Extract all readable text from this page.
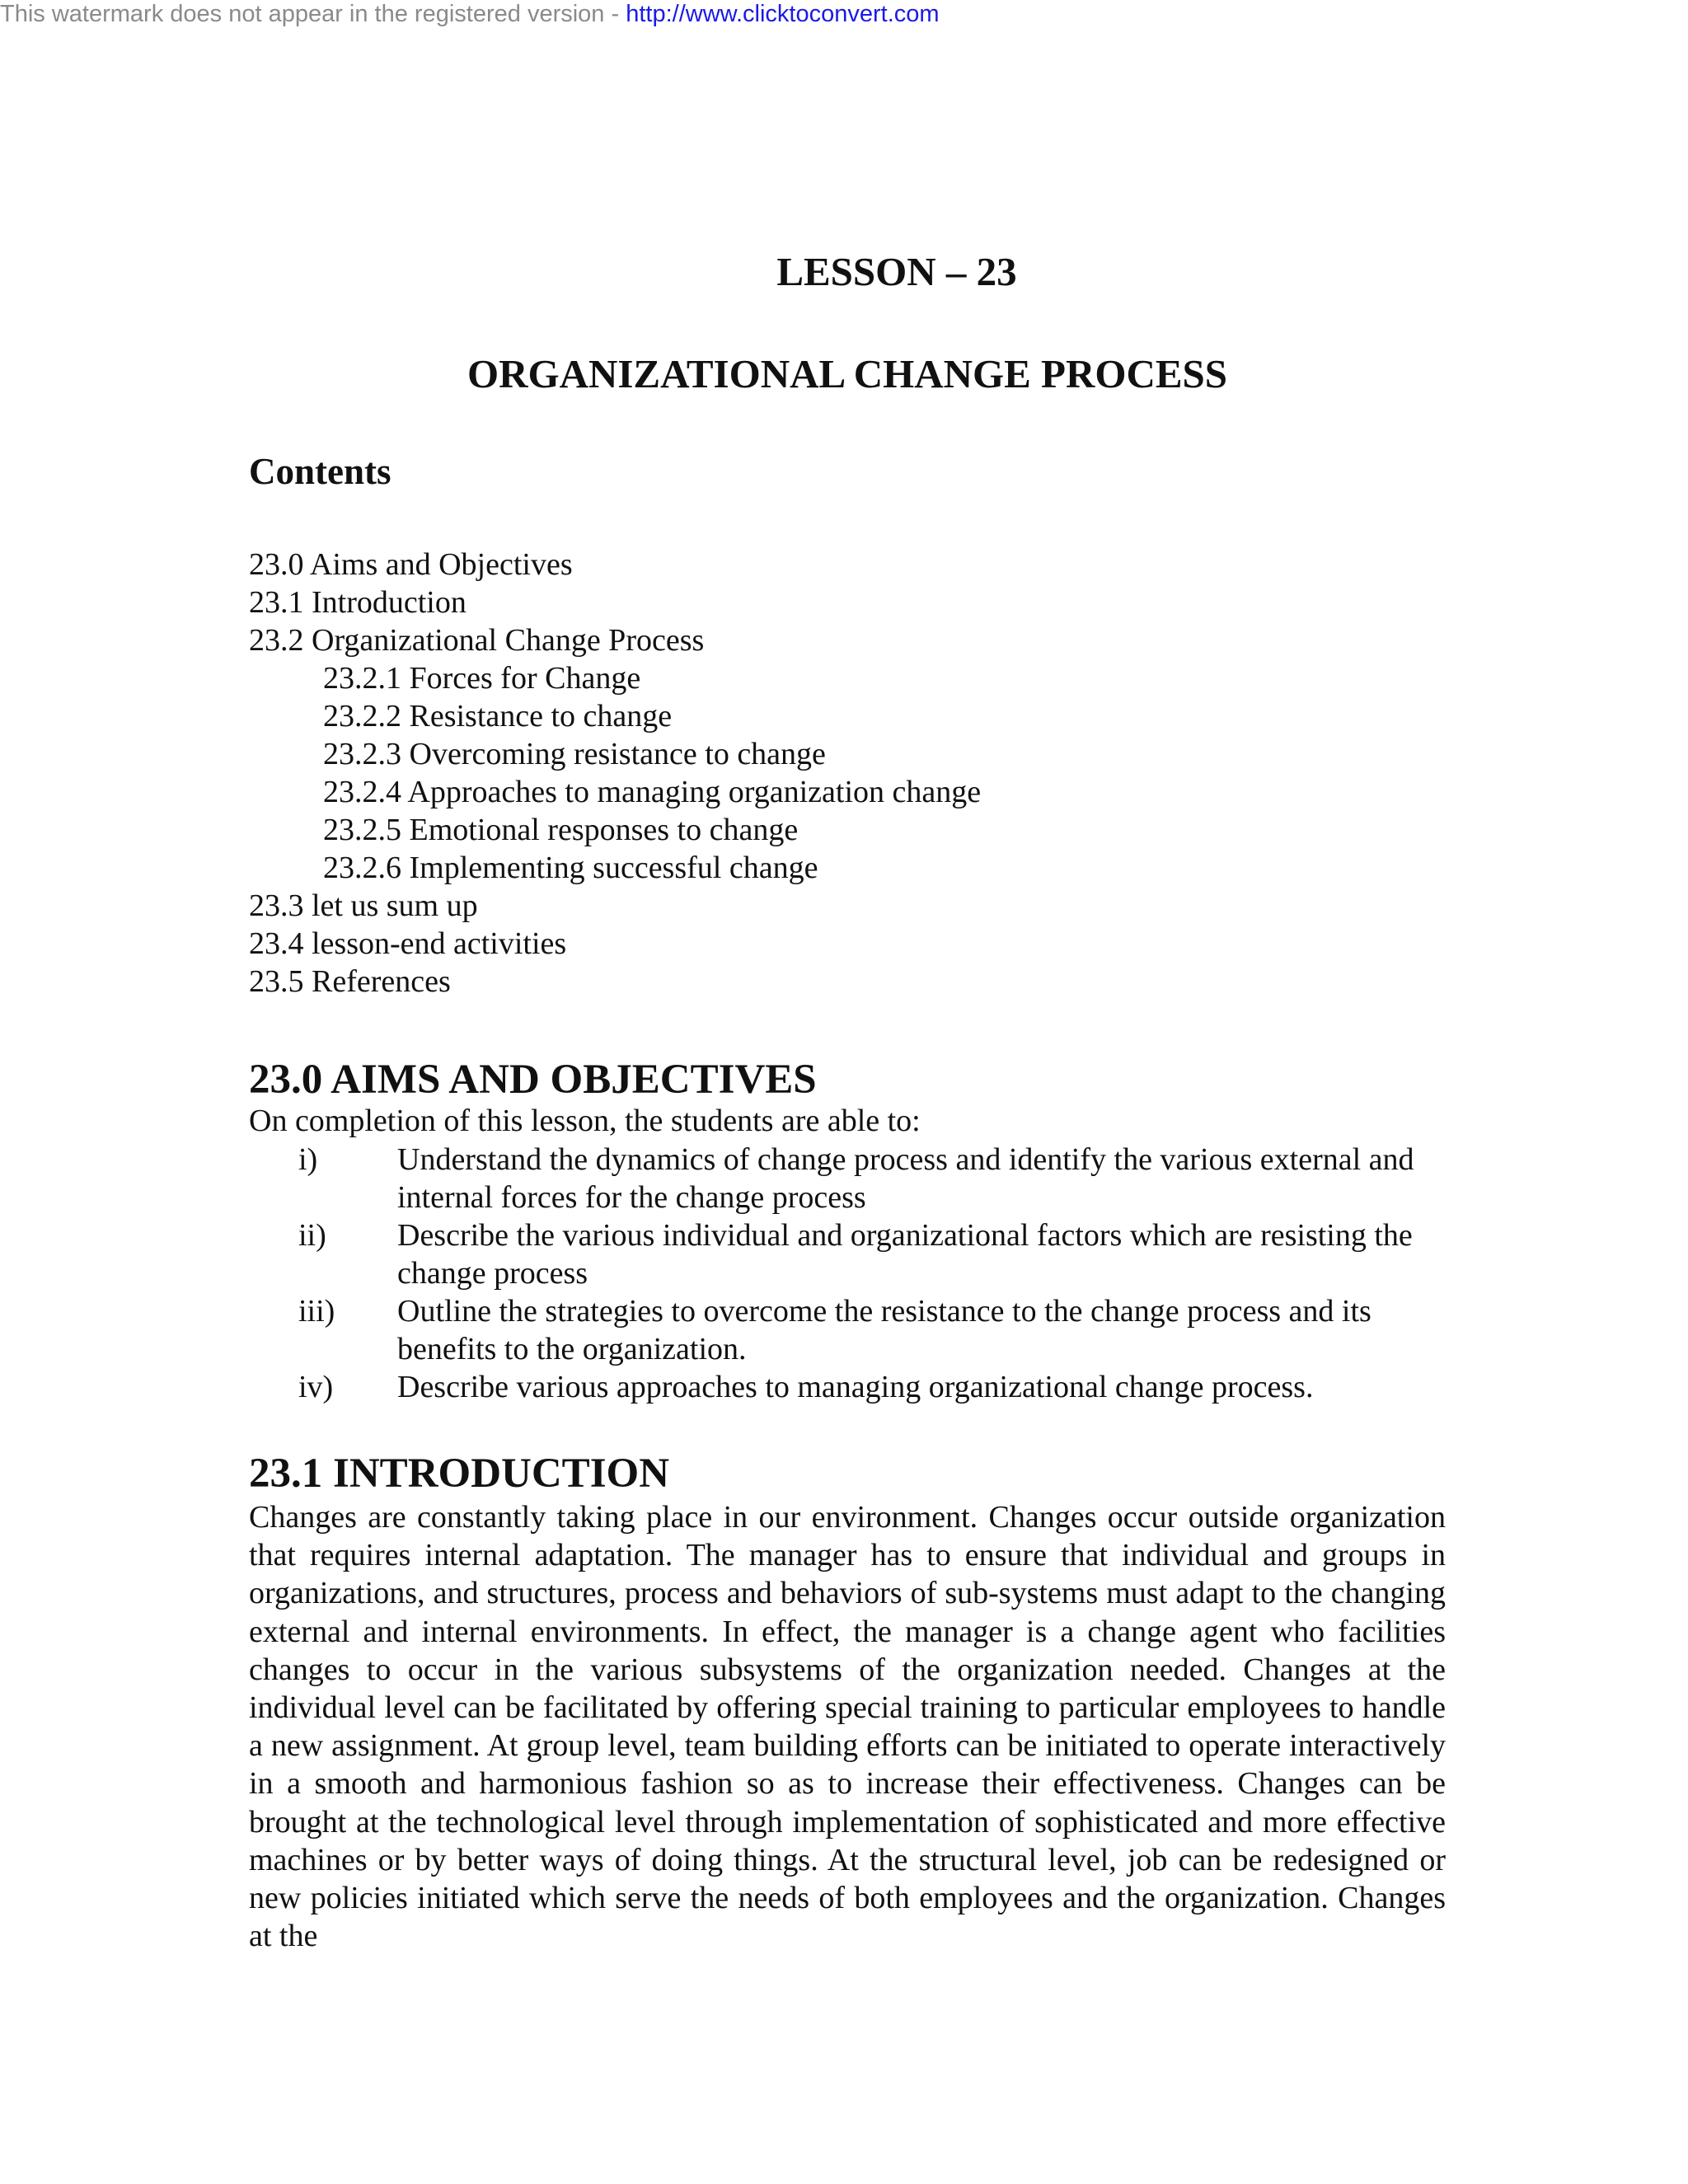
This watermark does not appear in the registered version - http://www.clicktoconvert.com
LESSON – 23
ORGANIZATIONAL CHANGE PROCESS
Contents
23.0 Aims and Objectives
23.1 Introduction
23.2 Organizational Change Process
23.2.1 Forces for Change
23.2.2 Resistance to change
23.2.3 Overcoming resistance to change
23.2.4 Approaches to managing organization change
23.2.5 Emotional responses to change
23.2.6 Implementing successful change
23.3 let us sum up
23.4 lesson-end activities
23.5 References
23.0 AIMS AND OBJECTIVES
On completion of this lesson, the students are able to:
i)	Understand the dynamics of change process and identify the various external and internal forces for the change process
ii) Describe the various individual and organizational factors which are resisting the change process
iii) Outline the strategies to overcome the resistance to the change process and its benefits to the organization.
iv) Describe various approaches to managing organizational change process.
23.1 INTRODUCTION

Changes are constantly taking place in our environment. Changes occur outside organization that requires internal adaptation. The manager has to ensure that individual and groups in organizations, and structures, process and behaviors of sub-systems must adapt to the changing external and internal environments. In effect, the manager is a change agent who facilities changes to occur in the various subsystems of the organization needed. Changes at the individual level can be facilitated by offering special training to particular employees to handle a new assignment. At group level, team building efforts can be initiated to operate interactively in a smooth and harmonious fashion so as to increase their effectiveness. Changes can be brought at the technological level through implementation of sophisticated and more effective machines or by better ways of doing things. At the structural level, job can be redesigned or new policies initiated which serve the needs of both employees and the organization. Changes at the
